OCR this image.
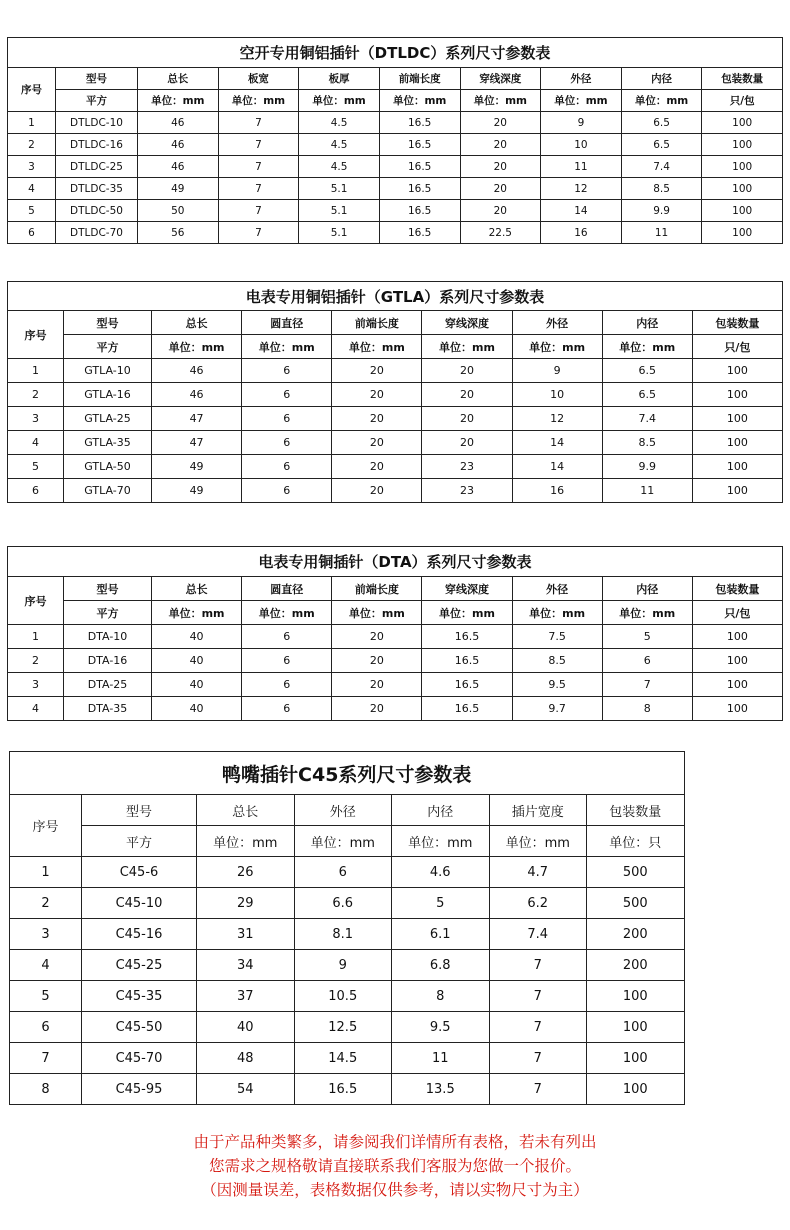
空开专用铜铝插针（DTLDC）系列尺寸参数表									
序号	型号	总长	板宽	板厚	前端长度	穿线深度	外径	内径	包装数量
	平方	单位：mm	单位：mm	单位：mm	单位：mm	单位：mm	单位：mm	单位：mm	只/包
1	DTLDC-10	46	7	4.5	16.5	20	9	6.5	100
2	DTLDC-16	46	7	4.5	16.5	20	10	6.5	100
3	DTLDC-25	46	7	4.5	16.5	20	11	7.4	100
4	DTLDC-35	49	7	5.1	16.5	20	12	8.5	100
5	DTLDC-50	50	7	5.1	16.5	20	14	9.9	100
6	DTLDC-70	56	7	5.1	16.5	22.5	16	11	100
电表专用铜铝插针（GTLA）系列尺寸参数表								
序号	型号	总长	圆直径	前端长度	穿线深度	外径	内径	包装数量
	平方	单位：mm	单位：mm	单位：mm	单位：mm	单位：mm	单位：mm	只/包
1	GTLA-10	46	6	20	20	9	6.5	100
2	GTLA-16	46	6	20	20	10	6.5	100
3	GTLA-25	47	6	20	20	12	7.4	100
4	GTLA-35	47	6	20	20	14	8.5	100
5	GTLA-50	49	6	20	23	14	9.9	100
6	GTLA-70	49	6	20	23	16	11	100
电表专用铜插针（DTA）系列尺寸参数表								
序号	型号	总长	圆直径	前端长度	穿线深度	外径	内径	包装数量
	平方	单位：mm	单位：mm	单位：mm	单位：mm	单位：mm	单位：mm	只/包
1	DTA-10	40	6	20	16.5	7.5	5	100
2	DTA-16	40	6	20	16.5	8.5	6	100
3	DTA-25	40	6	20	16.5	9.5	7	100
4	DTA-35	40	6	20	16.5	9.7	8	100
鸭嘴插针C45系列尺寸参数表						
序号	型号	总长	外径	内径	插片宽度	包装数量
	平方	单位：mm	单位：mm	单位：mm	单位：mm	单位：只
1	C45-6	26	6	4.6	4.7	500
2	C45-10	29	6.6	5	6.2	500
3	C45-16	31	8.1	6.1	7.4	200
4	C45-25	34	9	6.8	7	200
5	C45-35	37	10.5	8	7	100
6	C45-50	40	12.5	9.5	7	100
7	C45-70	48	14.5	11	7	100
8	C45-95	54	16.5	13.5	7	100
由于产品种类繁多，请参阅我们详情所有表格，若未有列出
您需求之规格敬请直接联系我们客服为您做一个报价。
（因测量误差，表格数据仅供参考，请以实物尺寸为主）
